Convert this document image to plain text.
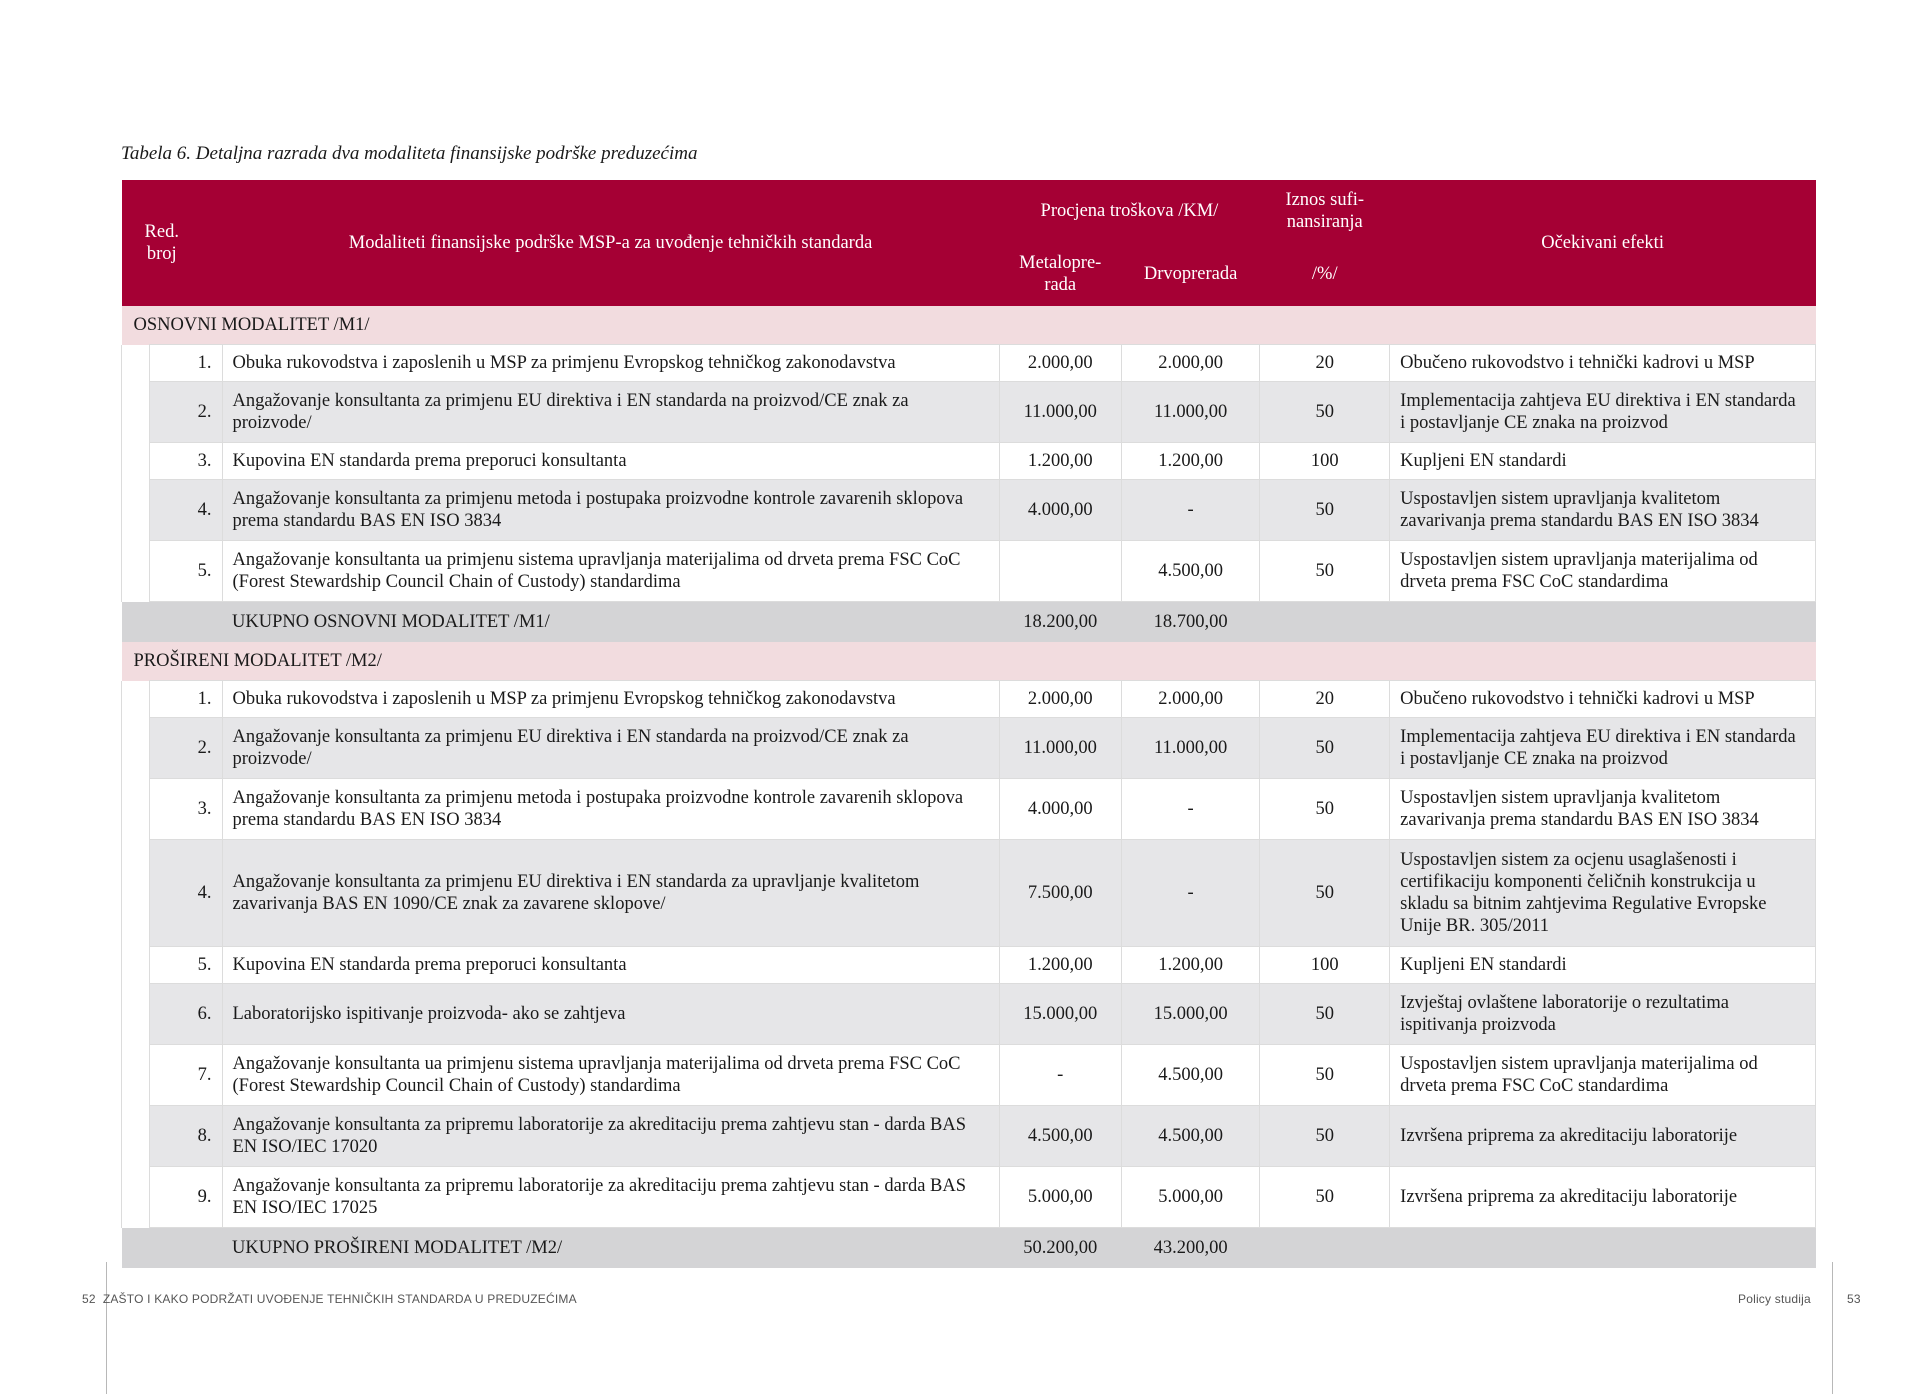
Tabela 6. Detaljna razrada dva modaliteta finansijske podrške preduzećima
Red. broj		Modaliteti finansijske podrške MSP-a za uvođenje tehničkih standarda	Procjena troškova /KM/		Iznos sufi-nansiranja	Očekivani efekti
			Metalopre-rada	Drvoprerada	/%/	
OSNOVNI MODALITET /M1/						
	1.	Obuka rukovodstva i zaposlenih u MSP za primjenu Evropskog tehničkog zakonodavstva	2.000,00	2.000,00	20	Obučeno rukovodstvo i tehnički kadrovi u MSP
	2.	Angažovanje konsultanta za primjenu EU direktiva i EN standarda na proizvod/CE znak za proizvode/	11.000,00	11.000,00	50	Implementacija zahtjeva EU direktiva i EN standarda i postavljanje CE znaka na proizvod
	3.	Kupovina EN standarda prema preporuci konsultanta	1.200,00	1.200,00	100	Kupljeni EN standardi
	4.	Angažovanje konsultanta za primjenu metoda i postupaka proizvodne kontrole zavarenih sklopova prema standardu BAS EN ISO 3834	4.000,00	-	50	Uspostavljen sistem upravljanja kvalitetom zavarivanja prema standardu BAS EN ISO 3834
	5.	Angažovanje konsultanta ua primjenu sistema upravljanja materijalima od drveta prema FSC CoC (Forest Stewardship Council Chain of Custody) standardima		4.500,00	50	Uspostavljen sistem upravljanja materijalima od drveta prema FSC CoC standardima
		UKUPNO OSNOVNI MODALITET /M1/	18.200,00	18.700,00		
PROŠIRENI MODALITET /M2/						
	1.	Obuka rukovodstva i zaposlenih u MSP za primjenu Evropskog tehničkog zakonodavstva	2.000,00	2.000,00	20	Obučeno rukovodstvo i tehnički kadrovi u MSP
	2.	Angažovanje konsultanta za primjenu EU direktiva i EN standarda na proizvod/CE znak za proizvode/	11.000,00	11.000,00	50	Implementacija zahtjeva EU direktiva i EN standarda i postavljanje CE znaka na proizvod
	3.	Angažovanje konsultanta za primjenu metoda i postupaka proizvodne kontrole zavarenih sklopova prema standardu BAS EN ISO 3834	4.000,00	-	50	Uspostavljen sistem upravljanja kvalitetom zavarivanja prema standardu BAS EN ISO 3834
	4.	Angažovanje konsultanta za primjenu EU direktiva i EN standarda za upravljanje kvalitetom zavarivanja BAS EN 1090/CE znak za zavarene sklopove/	7.500,00	-	50	Uspostavljen sistem za ocjenu usaglašenosti i certifikaciju komponenti čeličnih konstrukcija u skladu sa bitnim zahtjevima Regulative Evropske Unije BR. 305/2011
	5.	Kupovina EN standarda prema preporuci konsultanta	1.200,00	1.200,00	100	Kupljeni EN standardi
	6.	Laboratorijsko ispitivanje proizvoda- ako se zahtjeva	15.000,00	15.000,00	50	Izvještaj ovlaštene laboratorije o rezultatima ispitivanja proizvoda
	7.	Angažovanje konsultanta ua primjenu sistema upravljanja materijalima od drveta prema FSC CoC (Forest Stewardship Council Chain of Custody) standardima	-	4.500,00	50	Uspostavljen sistem upravljanja materijalima od drveta prema FSC CoC standardima
	8.	Angažovanje konsultanta za pripremu laboratorije za akreditaciju prema zahtjevu stan - darda BAS EN ISO/IEC 17020	4.500,00	4.500,00	50	Izvršena priprema za akreditaciju laboratorije
	9.	Angažovanje konsultanta za pripremu laboratorije za akreditaciju prema zahtjevu stan - darda BAS EN ISO/IEC 17025	5.000,00	5.000,00	50	Izvršena priprema za akreditaciju laboratorije
		UKUPNO PROŠIRENI MODALITET /M2/	50.200,00	43.200,00		
52 ZAŠTO I KAKO PODRŽATI UVOĐENJE TEHNIČKIH STANDARDA U PREDUZEĆIMA	Policy studija	53
